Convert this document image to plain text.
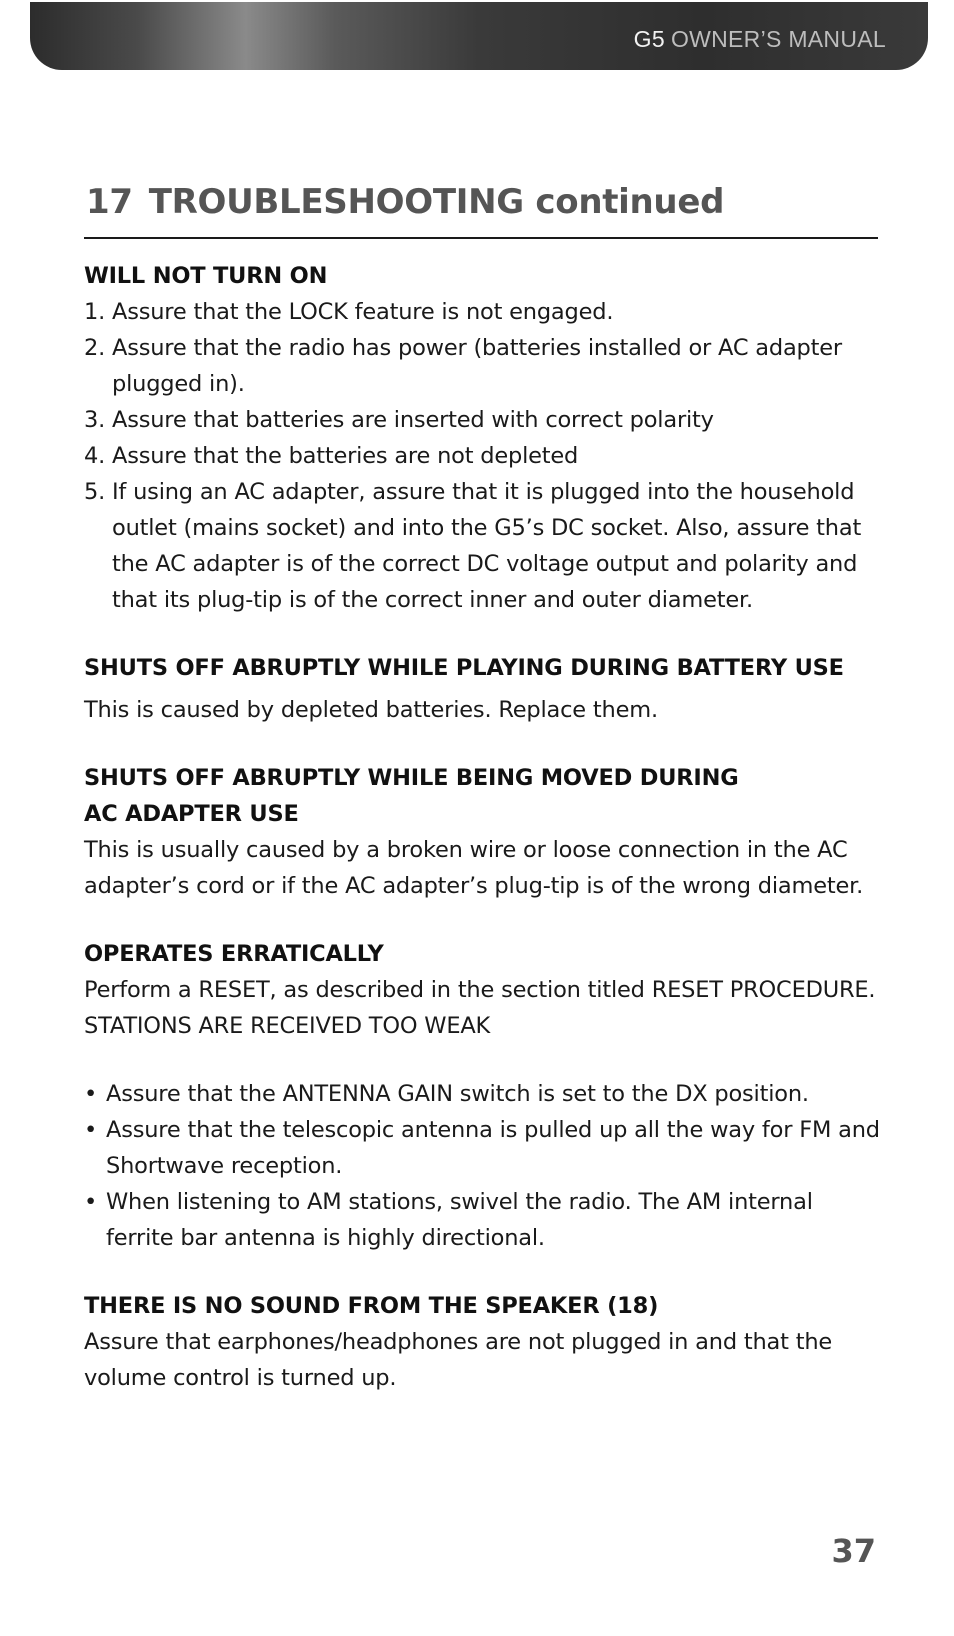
G5 OWNER’S MANUAL
17 TROUBLESHOOTING continued
WILL NOT TURN ON
1. Assure that the LOCK feature is not engaged.
2. Assure that the radio has power (batteries installed or AC adapter plugged in).
3. Assure that batteries are inserted with correct polarity
4. Assure that the batteries are not depleted
5. If using an AC adapter, assure that it is plugged into the household outlet (mains socket) and into the G5’s DC socket. Also, assure that the AC adapter is of the correct DC voltage output and polarity and that its plug-tip is of the correct inner and outer diameter.
SHUTS OFF ABRUPTLY WHILE PLAYING DURING BATTERY USE

This is caused by depleted batteries. Replace them.

SHUTS OFF ABRUPTLY WHILE BEING MOVED DURING
AC ADAPTER USE

This is usually caused by a broken wire or loose connection in the AC adapter’s cord or if the AC adapter’s plug-tip is of the wrong diameter.

OPERATES ERRATICALLY

Perform a RESET, as described in the section titled RESET PROCEDURE.

STATIONS ARE RECEIVED TOO WEAK

• Assure that the ANTENNA GAIN switch is set to the DX position.
• Assure that the telescopic antenna is pulled up all the way for FM and Shortwave reception.
• When listening to AM stations, swivel the radio. The AM internal ferrite bar antenna is highly directional.
THERE IS NO SOUND FROM THE SPEAKER (18)

Assure that earphones/headphones are not plugged in and that the volume control is turned up.

37
